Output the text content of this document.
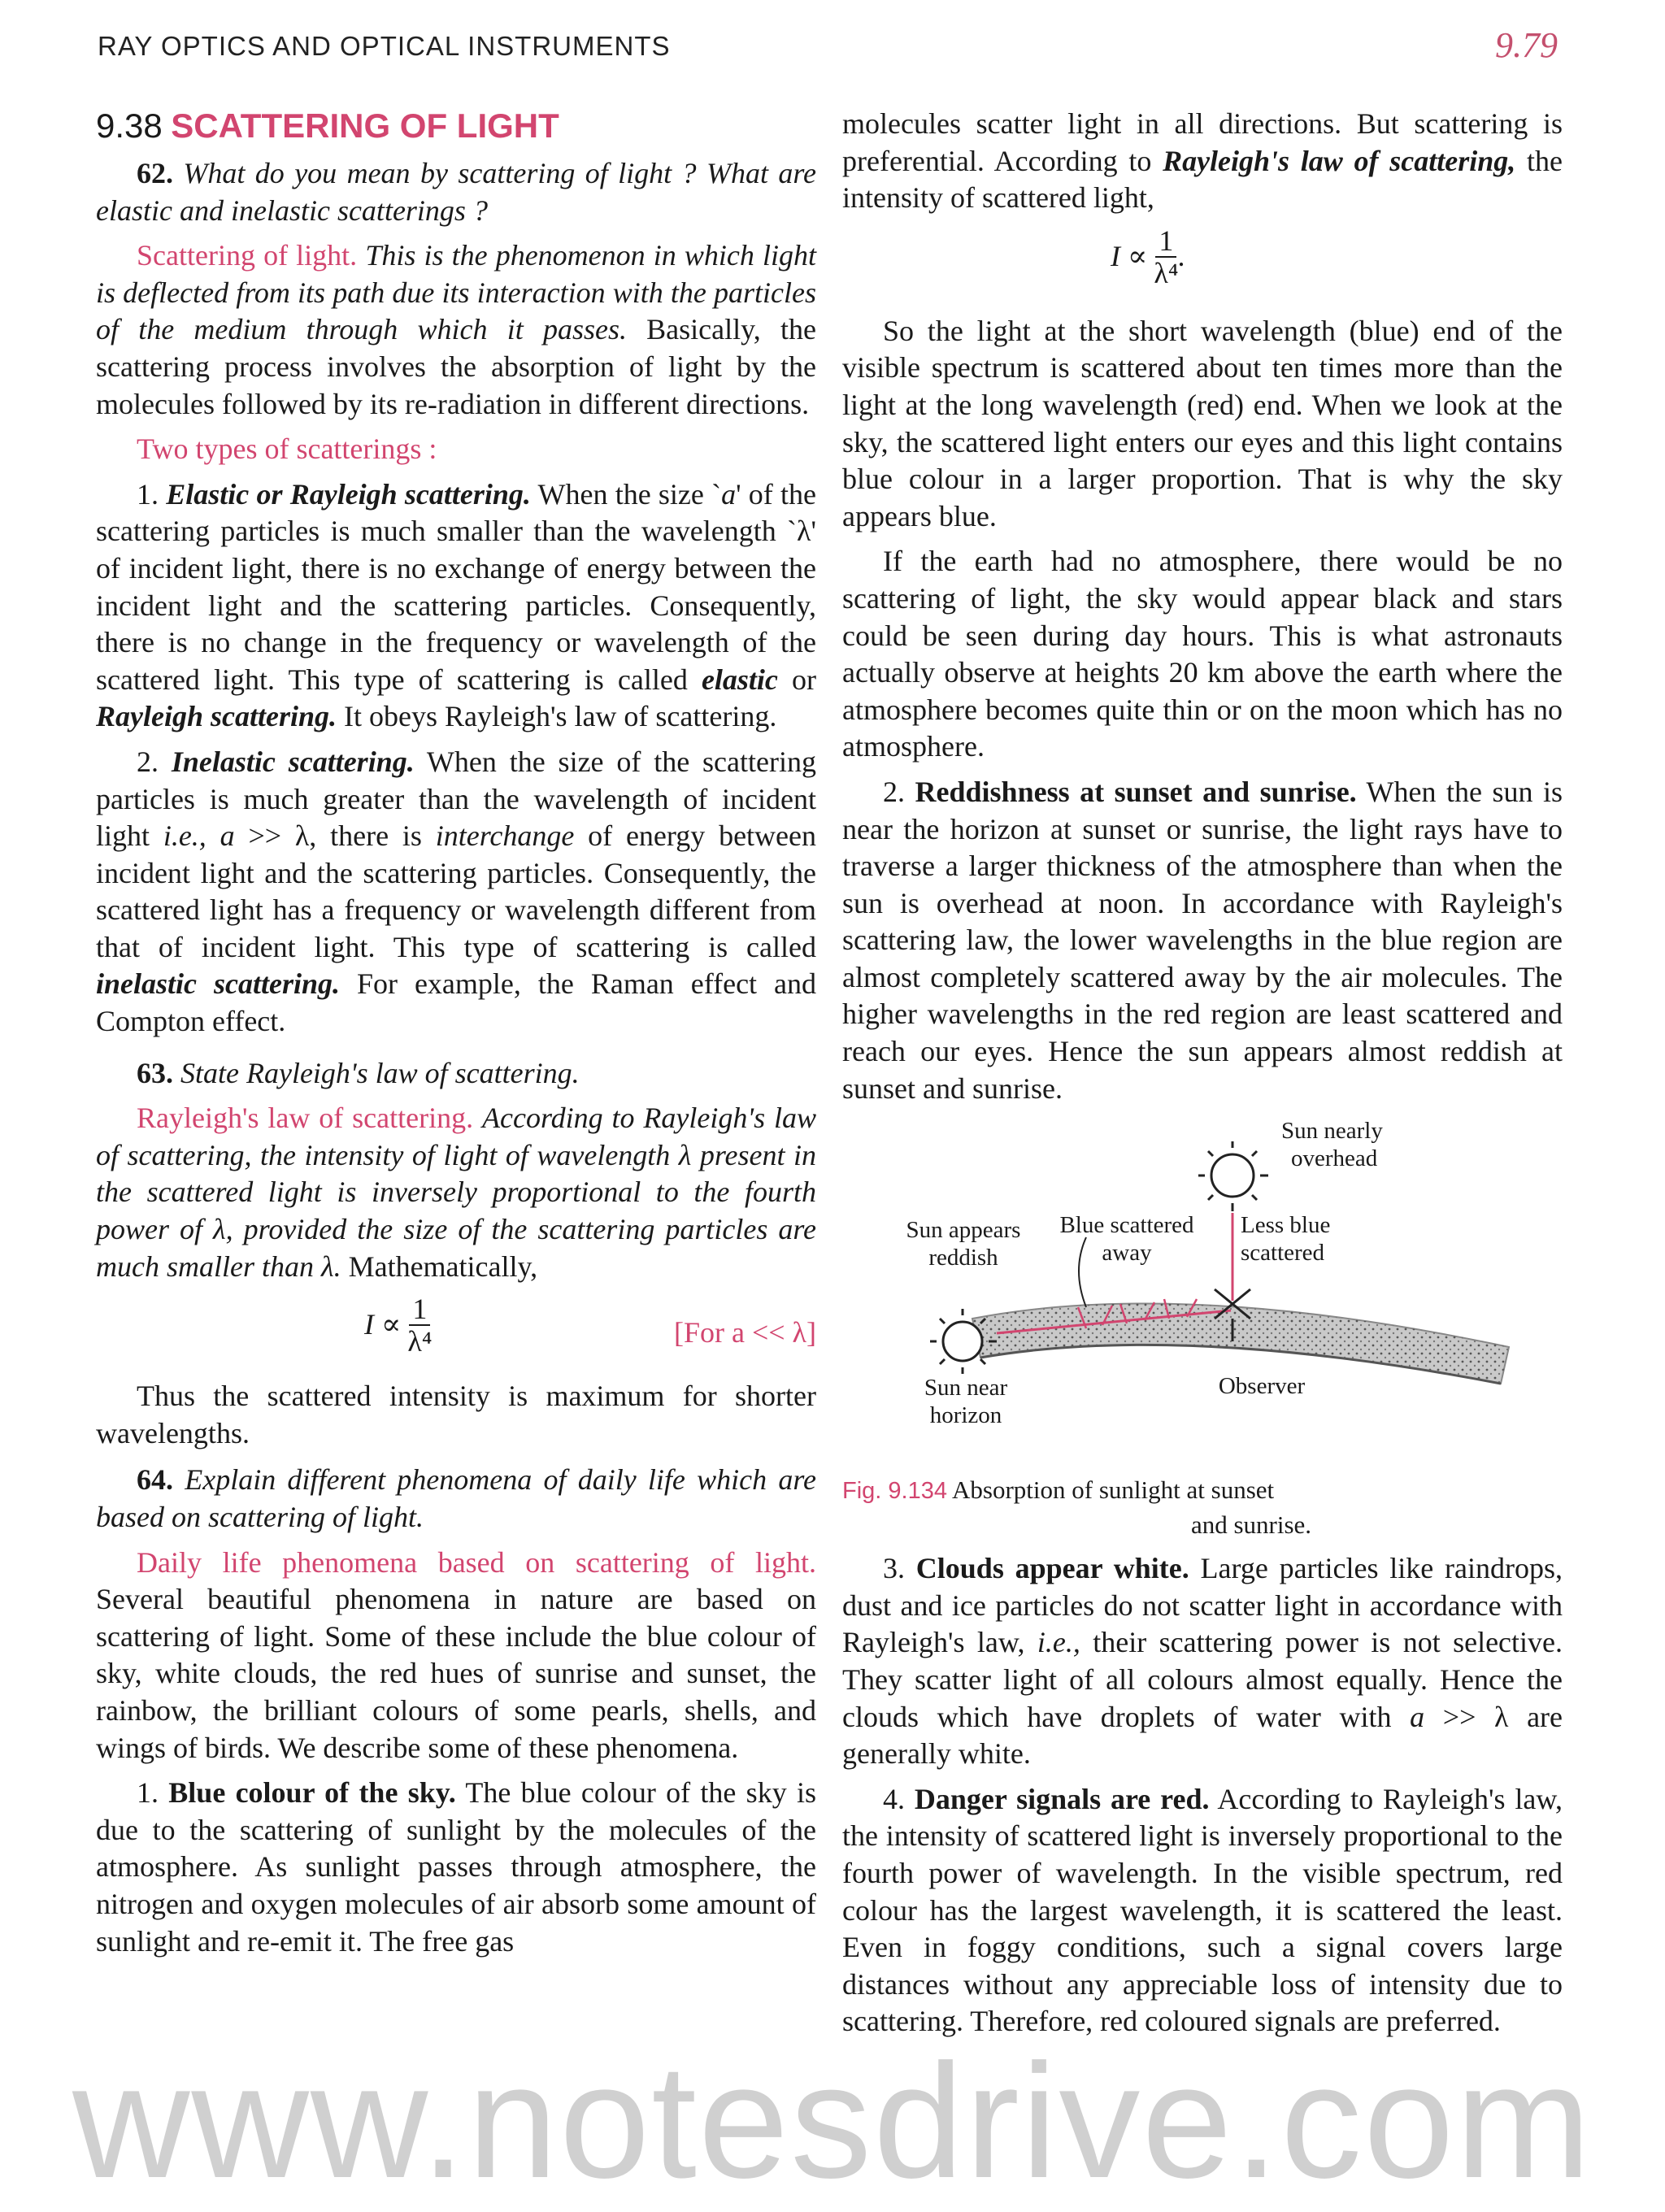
RAY OPTICS AND OPTICAL INSTRUMENTS	9.79

9.38 SCATTERING OF LIGHT

62. What do you mean by scattering of light ? What are elastic and inelastic scatterings ?

Scattering of light. This is the phenomenon in which light is deflected from its path due its interaction with the particles of the medium through which it passes. Basically, the scattering process involves the absorption of light by the molecules followed by its re-radiation in different directions.

Two types of scatterings :

1. Elastic or Rayleigh scattering. When the size `a' of the scattering particles is much smaller than the wavelength `λ' of incident light, there is no exchange of energy between the incident light and the scattering particles. Consequently, there is no change in the frequency or wavelength of the scattered light. This type of scattering is called elastic or Rayleigh scattering. It obeys Rayleigh's law of scattering.

2. Inelastic scattering. When the size of the scattering particles is much greater than the wavelength of incident light i.e., a >> λ, there is interchange of energy between incident light and the scattering particles. Consequently, the scattered light has a frequency or wavelength different from that of incident light. This type of scattering is called inelastic scattering. For example, the Raman effect and Compton effect.

63. State Rayleigh's law of scattering.

Rayleigh's law of scattering. According to Rayleigh's law of scattering, the intensity of light of wavelength λ present in the scattered light is inversely proportional to the fourth power of λ, provided the size of the scattering particles are much smaller than λ. Mathematically,

$I \propto \frac{1}{\text{λ⁴}}$	[For a << λ]

Thus the scattered intensity is maximum for shorter wavelengths.

64. Explain different phenomena of daily life which are based on scattering of light.

Daily life phenomena based on scattering of light. Several beautiful phenomena in nature are based on scattering of light. Some of these include the blue colour of sky, white clouds, the red hues of sunrise and sunset, the rainbow, the brilliant colours of some pearls, shells, and wings of birds. We describe some of these phenomena.

1. Blue colour of the sky. The blue colour of the sky is due to the scattering of sunlight by the molecules of the atmosphere. As sunlight passes through atmosphere, the nitrogen and oxygen molecules of air absorb some amount of sunlight and re-emit it. The free gas

molecules scatter light in all directions. But scattering is preferential. According to Rayleigh's law of scattering, the intensity of scattered light,

$I \propto \frac{1}{\text{λ⁴}}$ .

So the light at the short wavelength (blue) end of the visible spectrum is scattered about ten times more than the light at the long wavelength (red) end. When we look at the sky, the scattered light enters our eyes and this light contains blue colour in a larger proportion. That is why the sky appears blue.

If the earth had no atmosphere, there would be no scattering of light, the sky would appear black and stars could be seen during day hours. This is what astronauts actually observe at heights 20 km above the earth where the atmosphere becomes quite thin or on the moon which has no atmosphere.

2. Reddishness at sunset and sunrise. When the sun is near the horizon at sunset or sunrise, the light rays have to traverse a larger thickness of the atmosphere than when the sun is overhead at noon. In accordance with Rayleigh's scattering law, the lower wavelengths in the blue region are almost completely scattered away by the air molecules. The higher wavelengths in the red region are least scattered and reach our eyes. Hence the sun appears almost reddish at sunset and sunrise.

Sun nearly
overhead
Sun appears
reddish
Blue scattered
away
Less blue
scattered
Sun near
horizon
Observer

Fig. 9.134 Absorption of sunlight at sunset
and sunrise.

3. Clouds appear white. Large particles like raindrops, dust and ice particles do not scatter light in accordance with Rayleigh's law, i.e., their scattering power is not selective. They scatter light of all colours almost equally. Hence the clouds which have droplets of water with a >> λ are generally white.

4. Danger signals are red. According to Rayleigh's law, the intensity of scattered light is inversely proportional to the fourth power of wavelength. In the visible spectrum, red colour has the largest wavelength, it is scattered the least. Even in foggy conditions, such a signal covers large distances without any appreciable loss of intensity due to scattering. Therefore, red coloured signals are preferred.

www.notesdrive.com
